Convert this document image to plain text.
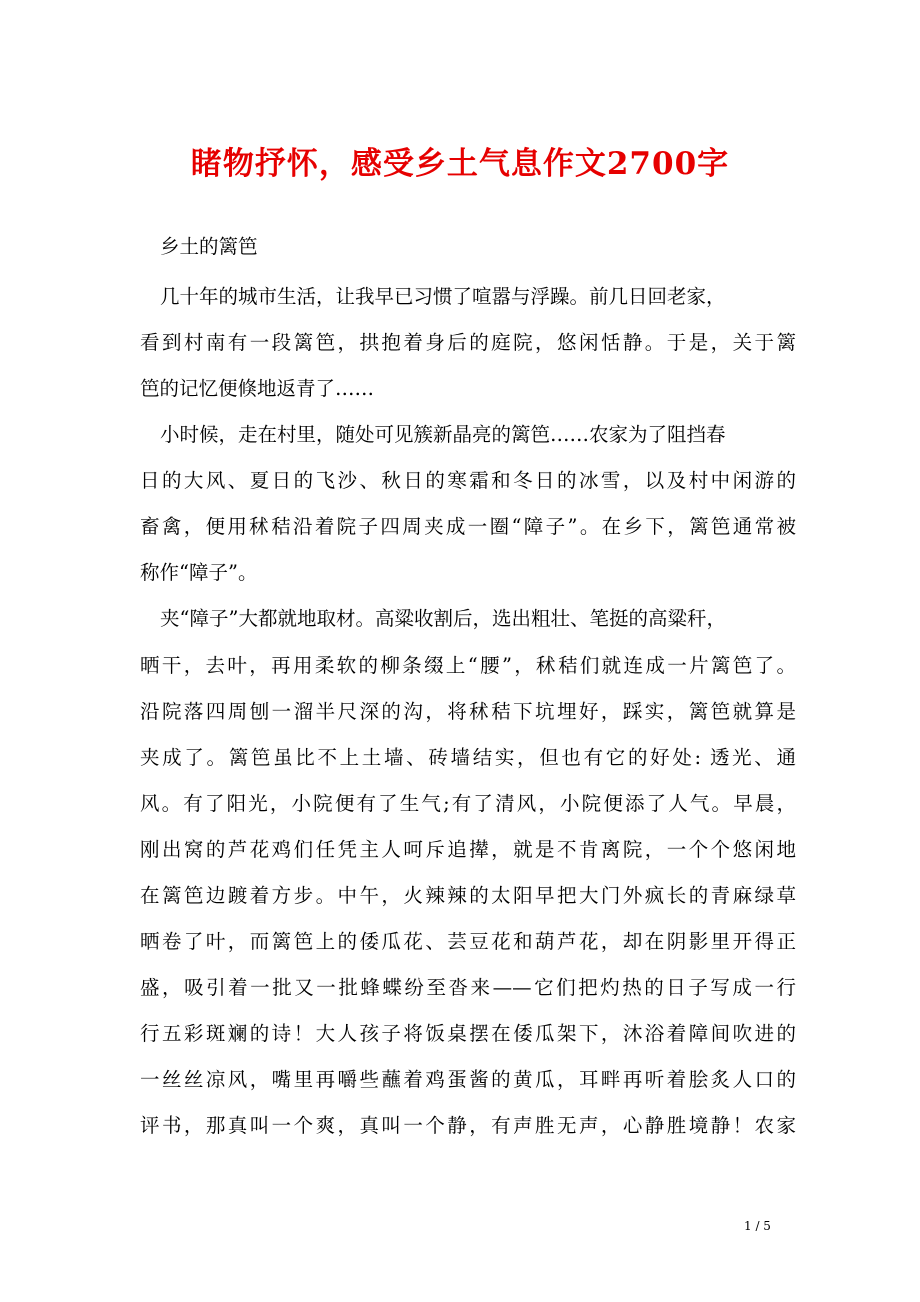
睹物抒怀，感受乡土气息作文2700字
乡土的篱笆
几十年的城市生活，让我早已习惯了喧嚣与浮躁。前几日回老家，
看到村南有一段篱笆，拱抱着身后的庭院，悠闲恬静。于是，关于篱
笆的记忆便倏地返青了……
小时候，走在村里，随处可见簇新晶亮的篱笆……农家为了阻挡春
日的大风、夏日的飞沙、秋日的寒霜和冬日的冰雪，以及村中闲游的
畜禽，便用秫秸沿着院子四周夹成一圈“障子”。在乡下，篱笆通常被
称作“障子”。
夹“障子”大都就地取材。高粱收割后，选出粗壮、笔挺的高粱秆，
晒干，去叶，再用柔软的柳条缀上“腰”，秫秸们就连成一片篱笆了。
沿院落四周刨一溜半尺深的沟，将秫秸下坑埋好，踩实，篱笆就算是
夹成了。篱笆虽比不上土墙、砖墙结实，但也有它的好处: 透光、通
风。有了阳光，小院便有了生气;有了清风，小院便添了人气。早晨，
刚出窝的芦花鸡们任凭主人呵斥追撵，就是不肯离院，一个个悠闲地
在篱笆边踱着方步。中午，火辣辣的太阳早把大门外疯长的青麻绿草
晒卷了叶，而篱笆上的倭瓜花、芸豆花和葫芦花，却在阴影里开得正
盛，吸引着一批又一批蜂蝶纷至沓来——它们把灼热的日子写成一行
行五彩斑斓的诗！大人孩子将饭桌摆在倭瓜架下，沐浴着障间吹进的
一丝丝凉风，嘴里再嚼些蘸着鸡蛋酱的黄瓜，耳畔再听着脍炙人口的
评书，那真叫一个爽，真叫一个静，有声胜无声，心静胜境静！农家
1 / 5
